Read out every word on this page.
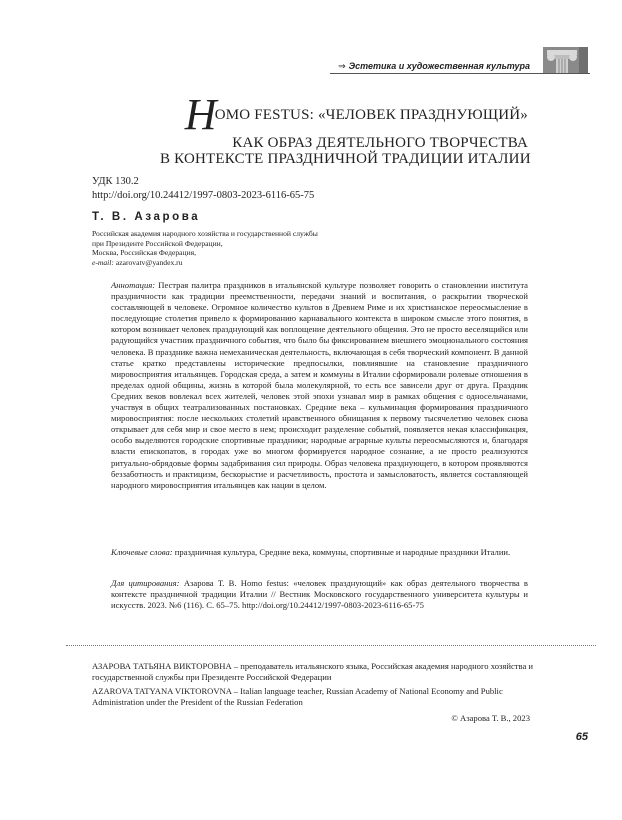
⇒ Эстетика и художественная культура
HOMO FESTUS: «ЧЕЛОВЕК ПРАЗДНУЮЩИЙ»
КАК ОБРАЗ ДЕЯТЕЛЬНОГО ТВОРЧЕСТВА
В КОНТЕКСТЕ ПРАЗДНИЧНОЙ ТРАДИЦИИ ИТАЛИИ
УДК 130.2
http://doi.org/10.24412/1997-0803-2023-6116-65-75
Т. В. Азарова
Российская академия народного хозяйства и государственной службы
при Президенте Российской Федерации,
Москва, Российская Федерация,
e-mail: azarovatv@yandex.ru
Аннотация: Пестрая палитра праздников в итальянской культуре позволяет говорить о становлении института праздничности как традиции преемственности, передачи знаний и воспитания, о раскрытии творческой составляющей в человеке. Огромное количество культов в Древнем Риме и их христианское переосмысление в последующие столетия привело к формированию карнавального контекста в широком смысле этого понятия, в котором возникает человек празднующий как воплощение деятельного общения. Это не просто веселящийся или радующийся участник праздничного события, что было бы фиксированием внешнего эмоционального состояния человека. В празднике важна немеханическая деятельность, включающая в себя творческий компонент. В данной статье кратко представлены исторические предпосылки, повлиявшие на становление праздничного мировосприятия итальянцев. Городская среда, а затем и коммуны в Италии сформировали ролевые отношения в пределах одной общины, жизнь в которой была молекулярной, то есть все зависели друг от друга. Праздник Средних веков вовлекал всех жителей, человек этой эпохи узнавал мир в рамках общения с односельчанами, участвуя в общих театрализованных постановках. Средние века – кульминация формирования праздничного мировосприятия: после нескольких столетий нравственного обнищания к первому тысячелетию человек снова открывает для себя мир и свое место в нем; происходит разделение событий, появляется некая классификация, особо выделяются городские спортивные праздники; народные аграрные культы переосмысляются и, благодаря власти епископатов, в городах уже во многом формируется народное сознание, а не просто реализуются ритуально-обрядовые формы задабривания сил природы. Образ человека празднующего, в котором проявляются беззаботность и практицизм, бескорыстие и расчетливость, простота и замысловатость, является составляющей народного мировосприятия итальянцев как нации в целом.
Ключевые слова: праздничная культура, Средние века, коммуны, спортивные и народные праздники Италии.
Для цитирования: Азарова Т. В. Homo festus: «человек празднующий» как образ деятельного творчества в контексте праздничной традиции Италии // Вестник Московского государственного университета культуры и искусств. 2023. №6 (116). С. 65–75. http://doi.org/10.24412/1997-0803-2023-6116-65-75
АЗАРОВА ТАТЬЯНА ВИКТОРОВНА – преподаватель итальянского языка, Российская академия народного хозяйства и государственной службы при Президенте Российской Федерации
AZAROVA TATYANA VIKTOROVNA – Italian language teacher, Russian Academy of National Economy and Public Administration under the President of the Russian Federation
© Азарова Т. В., 2023
65
